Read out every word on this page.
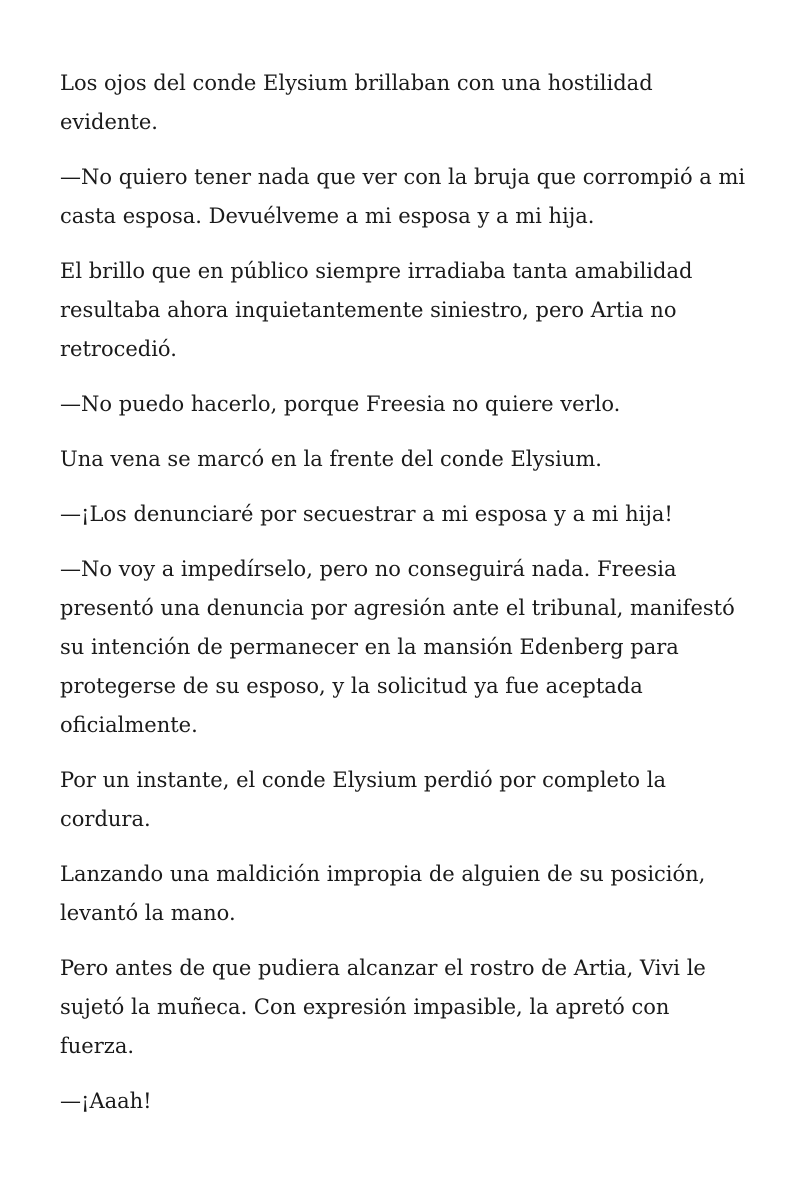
Los ojos del conde Elysium brillaban con una hostilidad evidente.

—No quiero tener nada que ver con la bruja que corrompió a mi casta esposa. Devuélveme a mi esposa y a mi hija.

El brillo que en público siempre irradiaba tanta amabilidad resultaba ahora inquietantemente siniestro, pero Artia no retrocedió.

—No puedo hacerlo, porque Freesia no quiere verlo.

Una vena se marcó en la frente del conde Elysium.

—¡Los denunciaré por secuestrar a mi esposa y a mi hija!

—No voy a impedírselo, pero no conseguirá nada. Freesia presentó una denuncia por agresión ante el tribunal, manifestó su intención de permanecer en la mansión Edenberg para protegerse de su esposo, y la solicitud ya fue aceptada oficialmente.

Por un instante, el conde Elysium perdió por completo la cordura.

Lanzando una maldición impropia de alguien de su posición, levantó la mano.

Pero antes de que pudiera alcanzar el rostro de Artia, Vivi le sujetó la muñeca. Con expresión impasible, la apretó con fuerza.

—¡Aaah!
